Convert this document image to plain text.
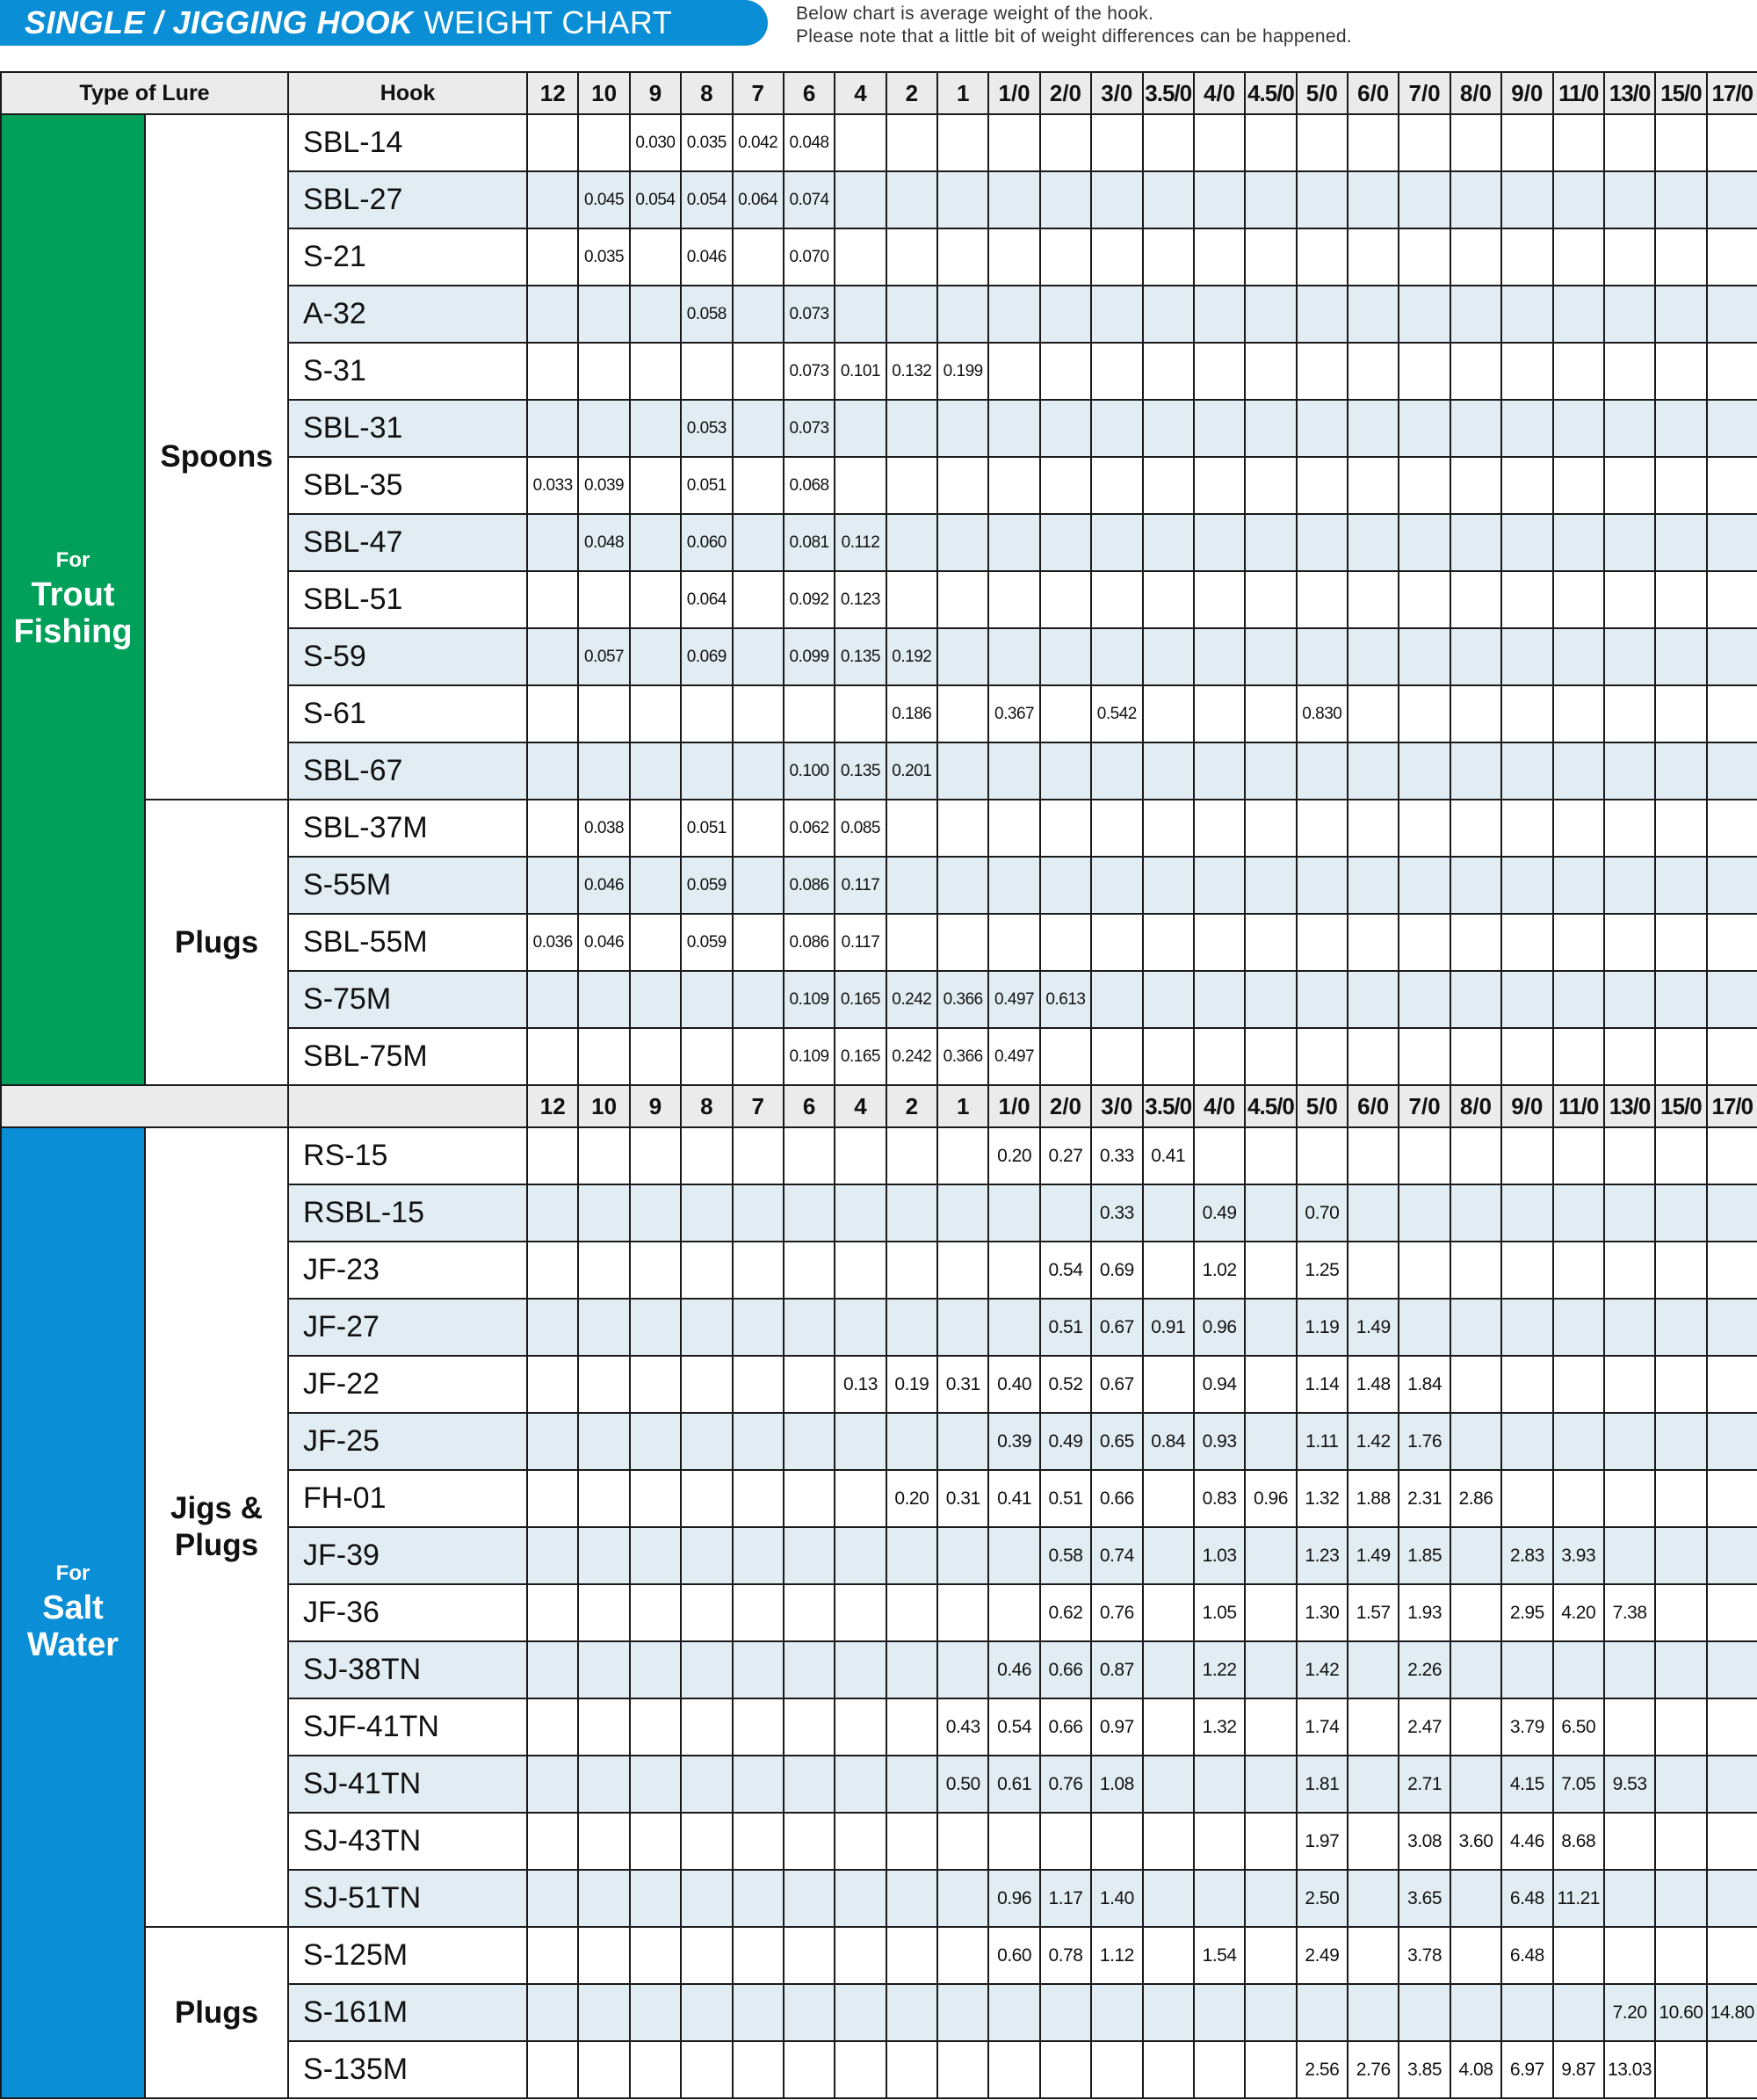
SINGLE / JIGGING HOOK WEIGHT CHART	Below chart is average weight of the hook.
Please note that a little bit of weight differences can be happened.
Type of Lure		Hook	12	10	9	8	7	6	4	2	1	1/0	2/0	3/0	3.5/0	4/0	4.5/0	5/0	6/0	7/0	8/0	9/0	11/0	13/0	15/0	17/0

For
Trout Fishing	Spoons	SBL-14			0.030	0.035	0.042	0.048																		
		SBL-27		0.045	0.054	0.054	0.064	0.074																		
		S-21		0.035		0.046		0.070																		
		A-32				0.058		0.073																		
		S-31						0.073	0.101	0.132	0.199															
		SBL-31				0.053		0.073																		
		SBL-35	0.033	0.039		0.051		0.068																		
		SBL-47		0.048		0.060		0.081	0.112																	
		SBL-51				0.064		0.092	0.123																	
		S-59		0.057		0.069		0.099	0.135	0.192																
		S-61								0.186		0.367		0.542				0.830								
		SBL-67						0.100	0.135	0.201																
	Plugs	SBL-37M		0.038		0.051		0.062	0.085																	
		S-55M		0.046		0.059		0.086	0.117																	
		SBL-55M	0.036	0.046		0.059		0.086	0.117																	
		S-75M						0.109	0.165	0.242	0.366	0.497	0.613													
		SBL-75M						0.109	0.165	0.242	0.366	0.497														
			12	10	9	8	7	6	4	2	1	1/0	2/0	3/0	3.5/0	4/0	4.5/0	5/0	6/0	7/0	8/0	9/0	11/0	13/0	15/0	17/0

For
Salt Water	Jigs & Plugs	RS-15										0.20	0.27	0.33	0.41											
		RSBL-15												0.33		0.49		0.70								
		JF-23											0.54	0.69		1.02		1.25								
		JF-27											0.51	0.67	0.91	0.96		1.19	1.49							
		JF-22							0.13	0.19	0.31	0.40	0.52	0.67		0.94		1.14	1.48	1.84						
		JF-25										0.39	0.49	0.65	0.84	0.93		1.11	1.42	1.76						
		FH-01								0.20	0.31	0.41	0.51	0.66		0.83	0.96	1.32	1.88	2.31	2.86					
		JF-39											0.58	0.74		1.03		1.23	1.49	1.85		2.83	3.93			
		JF-36											0.62	0.76		1.05		1.30	1.57	1.93		2.95	4.20	7.38		
		SJ-38TN										0.46	0.66	0.87		1.22		1.42		2.26						
		SJF-41TN									0.43	0.54	0.66	0.97		1.32		1.74		2.47		3.79	6.50			
		SJ-41TN									0.50	0.61	0.76	1.08				1.81		2.71		4.15	7.05	9.53		
		SJ-43TN																1.97		3.08	3.60	4.46	8.68			
		SJ-51TN										0.96	1.17	1.40				2.50		3.65		6.48	11.21			
	Plugs	S-125M										0.60	0.78	1.12		1.54		2.49		3.78		6.48				
		S-161M																						7.20	10.60	14.80
		S-135M																2.56	2.76	3.85	4.08	6.97	9.87	13.03		
